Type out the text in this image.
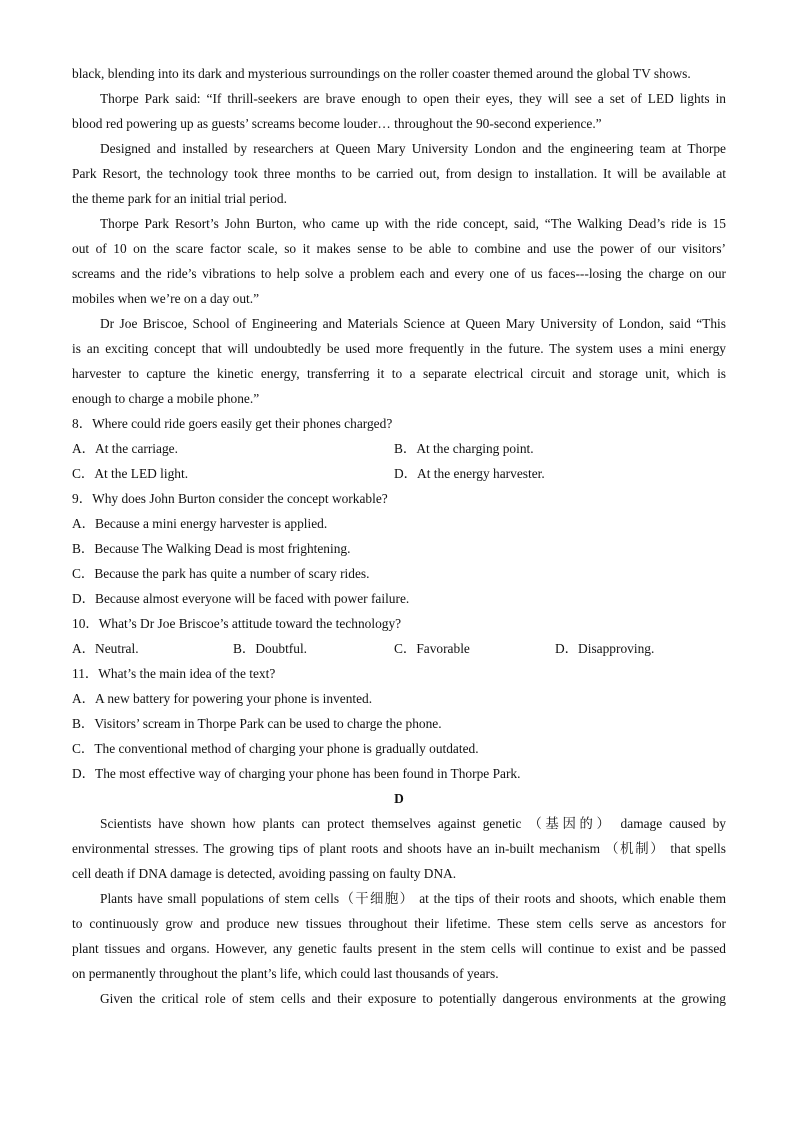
black, blending into its dark and mysterious surroundings on the roller coaster themed around the global TV shows.
Thorpe Park said: “If thrill-seekers are brave enough to open their eyes, they will see a set of LED lights in
blood red powering up as guests’ screams become louder… throughout the 90-second experience.”
Designed and installed by researchers at Queen Mary University London and the engineering team at Thorpe
Park Resort, the technology took three months to be carried out, from design to installation. It will be available at
the theme park for an initial trial period.
Thorpe Park Resort’s John Burton, who came up with the ride concept, said, “The Walking Dead’s ride is 15
out of 10 on the scare factor scale, so it makes sense to be able to combine and use the power of our visitors’
screams and the ride’s vibrations to help solve a problem each and every one of us faces---losing the charge on our
mobiles when we’re on a day out.”
Dr Joe Briscoe, School of Engineering and Materials Science at Queen Mary University of London, said “This
is an exciting concept that will undoubtedly be used more frequently in the future. The system uses a mini energy
harvester to capture the kinetic energy, transferring it to a separate electrical circuit and storage unit, which is
enough to charge a mobile phone.”
8．Where could ride goers easily get their phones charged?
A．At the carriage.	B．At the charging point.
C．At the LED light.	D．At the energy harvester.
9．Why does John Burton consider the concept workable?
A．Because a mini energy harvester is applied.
B．Because The Walking Dead is most frightening.
C．Because the park has quite a number of scary rides.
D．Because almost everyone will be faced with power failure.
10．What’s Dr Joe Briscoe’s attitude toward the technology?
A．Neutral.	B．Doubtful.	C．Favorable	D．Disapproving.
11．What’s the main idea of the text?
A．A new battery for powering your phone is invented.
B．Visitors’ scream in Thorpe Park can be used to charge the phone.
C．The conventional method of charging your phone is gradually outdated.
D．The most effective way of charging your phone has been found in Thorpe Park.
D
Scientists have shown how plants can protect themselves against genetic （基因的） damage caused by
environmental stresses. The growing tips of plant roots and shoots have an in-built mechanism （机制） that spells
cell death if DNA damage is detected, avoiding passing on faulty DNA.
Plants have small populations of stem cells（干细胞） at the tips of their roots and shoots, which enable them
to continuously grow and produce new tissues throughout their lifetime. These stem cells serve as ancestors for
plant tissues and organs. However, any genetic faults present in the stem cells will continue to exist and be passed
on permanently throughout the plant’s life, which could last thousands of years.
Given the critical role of stem cells and their exposure to potentially dangerous environments at the growing
